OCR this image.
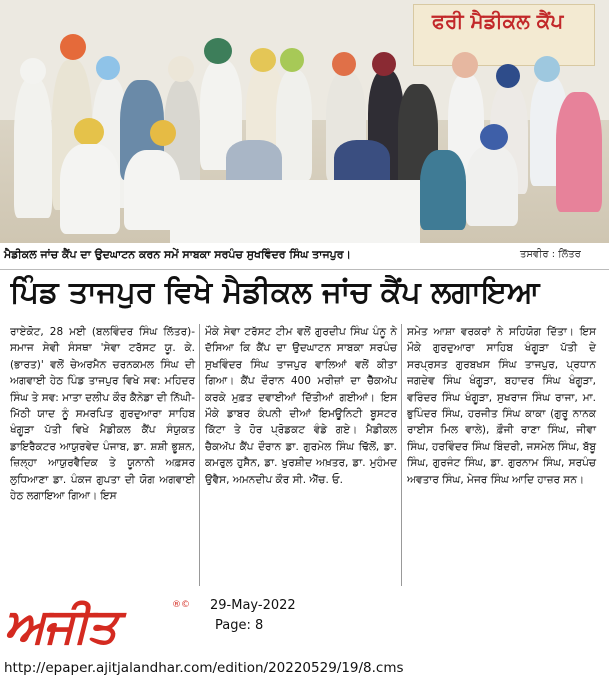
ਫਰੀ ਮੈਡੀਕਲ ਕੈਂਪ
ਮੈਡੀਕਲ ਜਾਂਚ ਕੈਂਪ ਦਾ ਉਦਘਾਟਨ ਕਰਨ ਸਮੇਂ ਸਾਬਕਾ ਸਰਪੰਚ ਸੁਖਵਿੰਦਰ ਸਿੰਘ ਤਾਜਪੁਰ।	ਤਸਵੀਰ : ਲਿੱਤਰ
ਪਿੰਡ ਤਾਜਪੁਰ ਵਿਖੇ ਮੈਡੀਕਲ ਜਾਂਚ ਕੈਂਪ ਲਗਾਇਆ
ਰਾਏਕੋਟ, 28 ਮਈ (ਬਲਵਿੰਦਰ ਸਿੰਘ ਲਿੱਤਰ)-ਸਮਾਜ ਸੇਵੀ ਸੰਸਥਾ 'ਸੇਵਾ ਟਰੱਸਟ ਯੂ. ਕੇ. (ਭਾਰਤ)' ਵਲੋਂ ਚੇਅਰਮੈਨ ਚਰਨਕਮਲ ਸਿੰਘ ਦੀ ਅਗਵਾਈ ਹੇਠ ਪਿੰਡ ਤਾਜਪੁਰ ਵਿਖੇ ਸਵ: ਮਹਿਦਰ ਸਿੰਘ ਤੇ ਸਵ: ਮਾਤਾ ਦਲੀਪ ਕੌਰ ਕੈਨੇਡਾ ਦੀ ਨਿੱਘੀ-ਮਿੱਠੀ ਯਾਦ ਨੂੰ ਸਮਰਪਿਤ ਗੁਰਦੁਆਰਾ ਸਾਹਿਬ ਖੰਗੂੜਾ ਪੱਤੀ ਵਿਖੇ ਮੈਡੀਕਲ ਕੈਂਪ ਸੰਯੁਕਤ ਡਾਇਰੈਕਟਰ ਆਯੁਰਵੇਦ ਪੰਜਾਬ, ਡਾ. ਸ਼ਸ਼ੀ ਭੂਸ਼ਨ, ਜ਼ਿਲ੍ਹਾ ਆਯੁਰਵੈਦਿਕ ਤੇ ਯੂਨਾਨੀ ਅਫ਼ਸਰ ਲੁਧਿਆਣਾ ਡਾ. ਪੰਕਜ ਗੁਪਤਾ ਦੀ ਯੋਗ ਅਗਵਾਈ ਹੇਠ ਲਗਾਇਆ ਗਿਆ। ਇਸ
ਮੌਕੇ ਸੇਵਾ ਟਰੱਸਟ ਟੀਮ ਵਲੋਂ ਗੁਰਦੀਪ ਸਿੰਘ ਪੰਨੂ ਨੇ ਦੱਸਿਆ ਕਿ ਕੈਂਪ ਦਾ ਉਦਘਾਟਨ ਸਾਬਕਾ ਸਰਪੰਚ ਸੁਖਵਿੰਦਰ ਸਿੰਘ ਤਾਜਪੁਰ ਵਾਲਿਆਂ ਵਲੋਂ ਕੀਤਾ ਗਿਆ। ਕੈਂਪ ਦੌਰਾਨ 400 ਮਰੀਜ਼ਾਂ ਦਾ ਚੈੱਕਅੱਪ ਕਰਕੇ ਮੁਫ਼ਤ ਦਵਾਈਆਂ ਦਿੱਤੀਆਂ ਗਈਆਂ। ਇਸ ਮੌਕੇ ਡਾਬਰ ਕੰਪਨੀ ਦੀਆਂ ਇਮਊਨਿਟੀ ਬੂਸਟਰ ਕਿੱਟਾ ਤੇ ਹੋਰ ਪ੍ਰੋਡਕਟ ਵੰਡੇ ਗਏ। ਮੈਡੀਕਲ ਚੈਕਅੱਪ ਕੈਂਪ ਦੌਰਾਨ ਡਾ. ਗੁਰਮੇਲ ਸਿੰਘ ਢਿੱਲੋਂ, ਡਾ. ਕਮਰੁਲ ਹੁਸੈਨ, ਡਾ. ਖੁਰਸ਼ੀਦ ਅਖ਼ਤਰ, ਡਾ. ਮੁਹੰਮਦ ਉਵੈਸ, ਅਮਨਦੀਪ ਕੌਰ ਸੀ. ਐੱਚ. ਓ.
ਸਮੇਤ ਆਸ਼ਾ ਵਰਕਰਾਂ ਨੇ ਸਹਿਯੋਗ ਦਿੱਤਾ। ਇਸ ਮੌਕੇ ਗੁਰਦੁਆਰਾ ਸਾਹਿਬ ਖੰਗੂੜਾ ਪੱਤੀ ਦੇ ਸਰਪ੍ਰਸਤ ਗੁਰਬਖਸ ਸਿੰਘ ਤਾਜਪੁਰ, ਪ੍ਰਧਾਨ ਜਗਦੇਵ ਸਿੰਘ ਖੰਗੂੜਾ, ਬਹਾਦਰ ਸਿੰਘ ਖੰਗੂੜਾ, ਵਰਿੰਦਰ ਸਿੰਘ ਖੰਗੂੜਾ, ਸੁਖਰਾਜ ਸਿੰਘ ਰਾਜਾ, ਮਾ. ਭੁਪਿੰਦਰ ਸਿੰਘ, ਹਰਜੀਤ ਸਿੰਘ ਕਾਕਾ (ਗੁਰੂ ਨਾਨਕ ਰਾਈਸ ਮਿਲ ਵਾਲੇ), ਫ਼ੌਜੀ ਰਾਣਾ ਸਿੰਘ, ਜੀਵਾ ਸਿੰਘ, ਹਰਵਿੰਦਰ ਸਿੰਘ ਬਿੰਦਰੀ, ਜਸਮੇਲ ਸਿੰਘ, ਬੱਬੂ ਸਿੰਘ, ਗੁਰਜੰਟ ਸਿੰਘ, ਡਾ. ਗੁਰਨਾਮ ਸਿੰਘ, ਸਰਪੰਚ ਅਵਤਾਰ ਸਿੰਘ, ਮੇਜਰ ਸਿੰਘ ਆਦਿ ਹਾਜ਼ਰ ਸਨ।
ਅਜੀਤ	®© 29-May-2022
Page: 8
http://epaper.ajitjalandhar.com/edition/20220529/19/8.cms
